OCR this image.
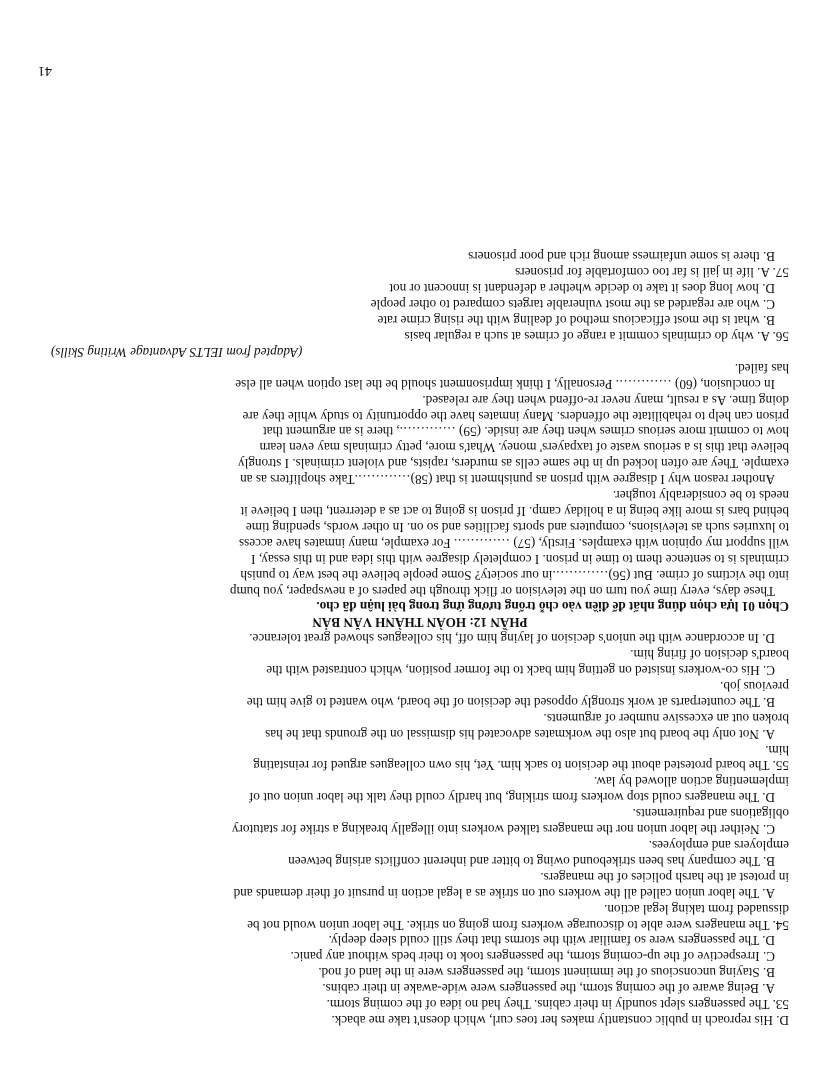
D. His reproach in public constantly makes her toes curl, which doesn't take me aback.
53. The passengers slept soundly in their cabins. They had no idea of the coming storm.
A. Being aware of the coming storm, the passengers were wide-awake in their cabins.
B. Staying unconscious of the imminent storm, the passengers were in the land of nod.
C. Irrespective of the up-coming storm, the passengers took to their beds without any panic.
D. The passengers were so familiar with the storms that they still could sleep deeply.
54. The managers were able to discourage workers from going on strike. The labor union would not be
dissuaded from taking legal action.
A. The labor union called all the workers out on strike as a legal action in pursuit of their demands and
in protest at the harsh policies of the managers.
B. The company has been strikebound owing to bitter and inherent conflicts arising between
employers and employees.
C. Neither the labor union nor the managers talked workers into illegally breaking a strike for statutory
obligations and requirements.
D. The managers could stop workers from striking, but hardly could they talk the labor union out of
implementing action allowed by law.
55. The board protested about the decision to sack him. Yet, his own colleagues argued for reinstating
him.
A. Not only the board but also the workmates advocated his dismissal on the grounds that he has
broken out an excessive number of arguments.
B. The counterparts at work strongly opposed the decision of the board, who wanted to give him the
previous job.
C. His co-workers insisted on getting him back to the former position, which contrasted with the
board's decision of firing him.
D. In accordance with the union's decision of laying him off, his colleagues showed great tolerance.
PHẦN 12: HOÀN THÀNH VĂN BẢN
Chọn 01 lựa chọn đúng nhất để điền vào chỗ trống tương ứng trong bài luận đã cho.
These days, every time you turn on the television or flick through the papers of a newspaper, you bump
into the victims of crime. But (56)………….in our society? Some people believe the best way to punish
criminals is to sentence them to time in prison. I completely disagree with this idea and in this essay, I
will support my opinion with examples. Firstly, (57) …………. For example, many inmates have access
to luxuries such as televisions, computers and sports facilities and so on. In other words, spending time
behind bars is more like being in a holiday camp. If prison is going to act as a deterrent, then I believe it
needs to be considerably tougher.
Another reason why I disagree with prison as punishment is that (58)………….Take shoplifters as an
example. They are often locked up in the same cells as murders, rapists, and violent criminals. I strongly
believe that this is a serious waste of taxpayers' money. What's more, petty criminals may even learn
how to commit more serious crimes when they are inside. (59) …………., there is an argument that
prison can help to rehabilitate the offenders. Many inmates have the opportunity to study while they are
doing time. As a result, many never re-offend when they are released.
In conclusion, (60) …………. Personally, I think imprisonment should be the last option when all else
has failed.
(Adapted from IELTS Advantage Writing Skills)
56. A. why do criminals commit a range of crimes at such a regular basis
B. what is the most efficacious method of dealing with the rising crime rate
C. who are regarded as the most vulnerable targets compared to other people
D. how long does it take to decide whether a defendant is innocent or not
57. A. life in jail is far too comfortable for prisoners
B. there is some unfairness among rich and poor prisoners
41
